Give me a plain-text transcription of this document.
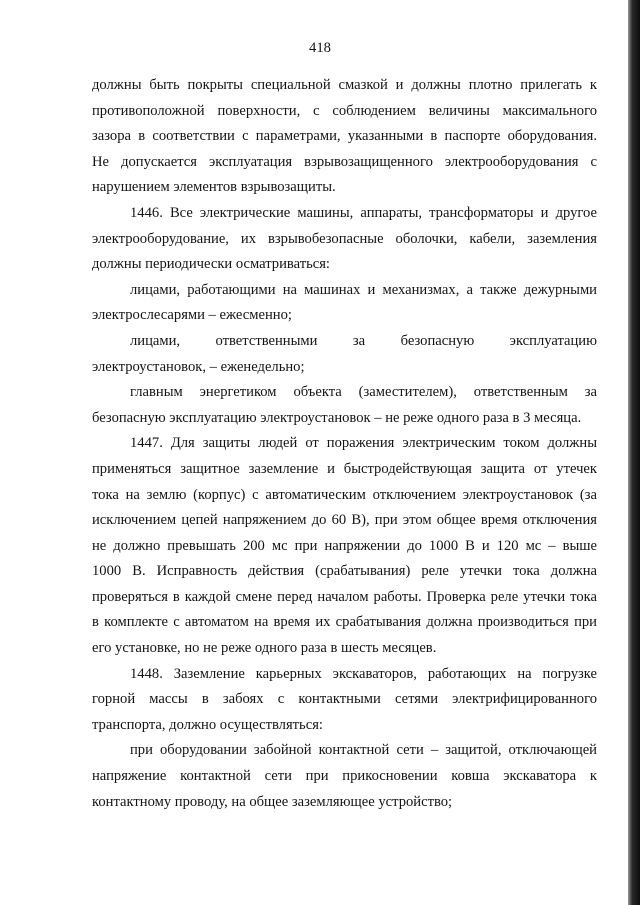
418
должны быть покрыты специальной смазкой и должны плотно прилегать к
противоположной поверхности, с соблюдением величины максимального
зазора в соответствии с параметрами, указанными в паспорте оборудования.
Не допускается эксплуатация взрывозащищенного электрооборудования с
нарушением элементов взрывозащиты.
1446. Все электрические машины, аппараты, трансформаторы и другое
электрооборудование, их взрывобезопасные оболочки, кабели, заземления
должны периодически осматриваться:
лицами, работающими на машинах и механизмах, а также дежурными
электрослесарями – ежесменно;
лицами, ответственными за безопасную эксплуатацию
электроустановок, – еженедельно;
главным энергетиком объекта (заместителем), ответственным за
безопасную эксплуатацию электроустановок – не реже одного раза в 3 месяца.
1447. Для защиты людей от поражения электрическим током должны
применяться защитное заземление и быстродействующая защита от утечек
тока на землю (корпус) с автоматическим отключением электроустановок (за
исключением цепей напряжением до 60 В), при этом общее время отключения
не должно превышать 200 мс при напряжении до 1000 В и 120 мс – выше
1000 В. Исправность действия (срабатывания) реле утечки тока должна
проверяться в каждой смене перед началом работы. Проверка реле утечки тока
в комплекте с автоматом на время их срабатывания должна производиться при
его установке, но не реже одного раза в шесть месяцев.
1448. Заземление карьерных экскаваторов, работающих на погрузке
горной массы в забоях с контактными сетями электрифицированного
транспорта, должно осуществляться:
при оборудовании забойной контактной сети – защитой, отключающей
напряжение контактной сети при прикосновении ковша экскаватора к
контактному проводу, на общее заземляющее устройство;
